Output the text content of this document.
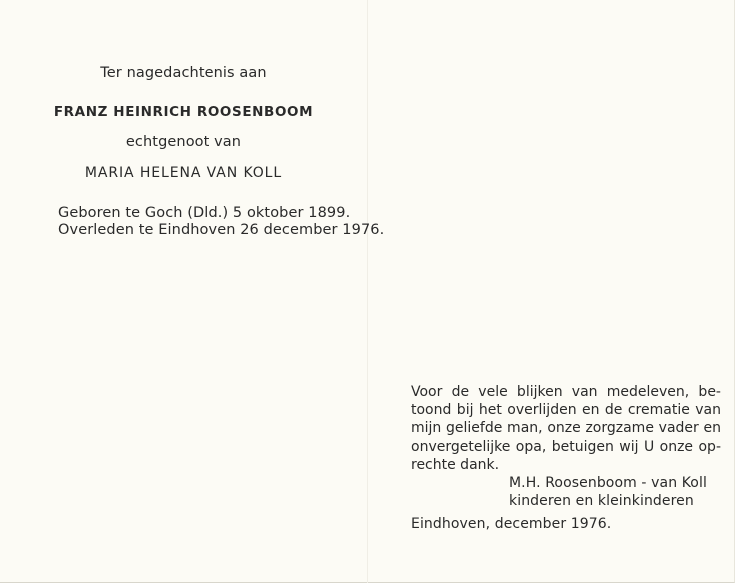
Ter nagedachtenis aan
FRANZ HEINRICH ROOSENBOOM
echtgenoot van
MARIA HELENA VAN KOLL
Geboren te Goch (Dld.) 5 oktober 1899.
Overleden te Eindhoven 26 december 1976.
Voor de vele blijken van medeleven, be-
toond bij het overlijden en de crematie van
mijn geliefde man, onze zorgzame vader en
onvergetelijke opa, betuigen wij U onze op-
rechte dank.
M.H. Roosenboom - van Koll
kinderen en kleinkinderen
Eindhoven, december 1976.
